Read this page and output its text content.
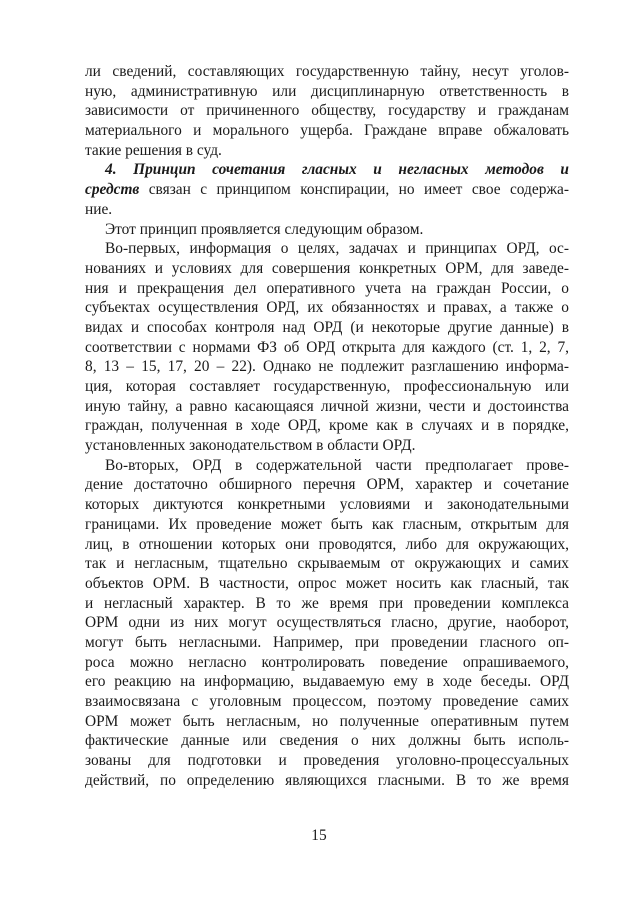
ли сведений, составляющих государственную тайну, несут уголов-
ную, административную или дисциплинарную ответственность в
зависимости от причиненного обществу, государству и гражданам
материального и морального ущерба. Граждане вправе обжаловать
такие решения в суд.
4. Принцип сочетания гласных и негласных методов и
средств связан с принципом конспирации, но имеет свое содержа-
ние.
Этот принцип проявляется следующим образом.
Во-первых, информация о целях, задачах и принципах ОРД, ос-
нованиях и условиях для совершения конкретных ОРМ, для заведе-
ния и прекращения дел оперативного учета на граждан России, о
субъектах осуществления ОРД, их обязанностях и правах, а также о
видах и способах контроля над ОРД (и некоторые другие данные) в
соответствии с нормами ФЗ об ОРД открыта для каждого (ст. 1, 2, 7,
8, 13 – 15, 17, 20 – 22). Однако не подлежит разглашению информа-
ция, которая составляет государственную, профессиональную или
иную тайну, а равно касающаяся личной жизни, чести и достоинства
граждан, полученная в ходе ОРД, кроме как в случаях и в порядке,
установленных законодательством в области ОРД.
Во-вторых, ОРД в содержательной части предполагает прове-
дение достаточно обширного перечня ОРМ, характер и сочетание
которых диктуются конкретными условиями и законодательными
границами. Их проведение может быть как гласным, открытым для
лиц, в отношении которых они проводятся, либо для окружающих,
так и негласным, тщательно скрываемым от окружающих и самих
объектов ОРМ. В частности, опрос может носить как гласный, так
и негласный характер. В то же время при проведении комплекса
ОРМ одни из них могут осуществляться гласно, другие, наоборот,
могут быть негласными. Например, при проведении гласного оп-
роса можно негласно контролировать поведение опрашиваемого,
его реакцию на информацию, выдаваемую ему в ходе беседы. ОРД
взаимосвязана с уголовным процессом, поэтому проведение самих
ОРМ может быть негласным, но полученные оперативным путем
фактические данные или сведения о них должны быть исполь-
зованы для подготовки и проведения уголовно-процессуальных
действий, по определению являющихся гласными. В то же время
15
